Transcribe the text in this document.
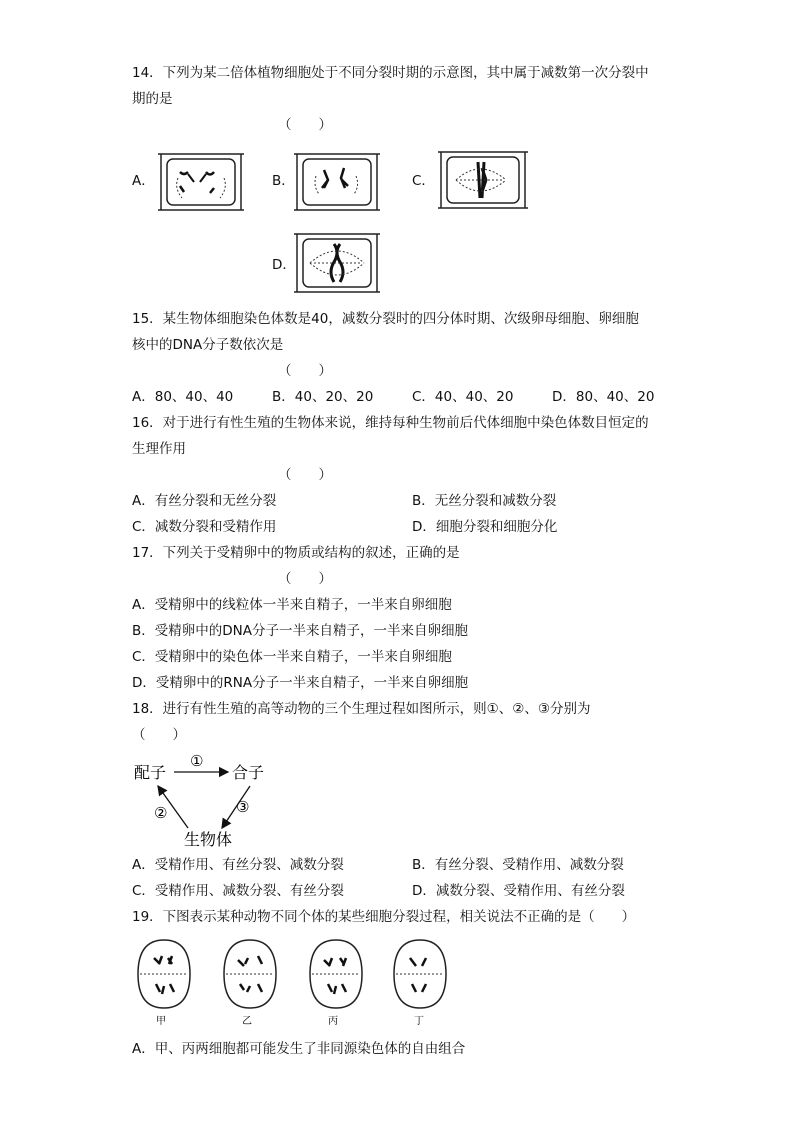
14．下列为某二倍体植物细胞处于不同分裂时期的示意图，其中属于减数第一次分裂中
期的是
（　　）
A．	B．	C．
D．
15．某生物体细胞染色体数是40，减数分裂时的四分体时期、次级卵母细胞、卵细胞
核中的DNA分子数依次是
（　　）
A．80、40、40	B．40、20、20	C．40、40、20	D．80、40、20
16．对于进行有性生殖的生物体来说，维持每种生物前后代体细胞中染色体数目恒定的
生理作用
（　　）
A．有丝分裂和无丝分裂	B．无丝分裂和减数分裂
C．减数分裂和受精作用	D．细胞分裂和细胞分化
17．下列关于受精卵中的物质或结构的叙述，正确的是
（　　）
A．受精卵中的线粒体一半来自精子，一半来自卵细胞
B．受精卵中的DNA分子一半来自精子，一半来自卵细胞
C．受精卵中的染色体一半来自精子，一半来自卵细胞
D．受精卵中的RNA分子一半来自精子，一半来自卵细胞
18．进行有性生殖的高等动物的三个生理过程如图所示，则①、②、③分别为
（　　）
配子	合子
生物体
①
②	③
A．受精作用、有丝分裂、减数分裂	B．有丝分裂、受精作用、减数分裂
C．受精作用、减数分裂、有丝分裂	D．减数分裂、受精作用、有丝分裂
19．下图表示某种动物不同个体的某些细胞分裂过程，相关说法不正确的是（　　）
甲	乙	丙	丁
A．甲、丙两细胞都可能发生了非同源染色体的自由组合
